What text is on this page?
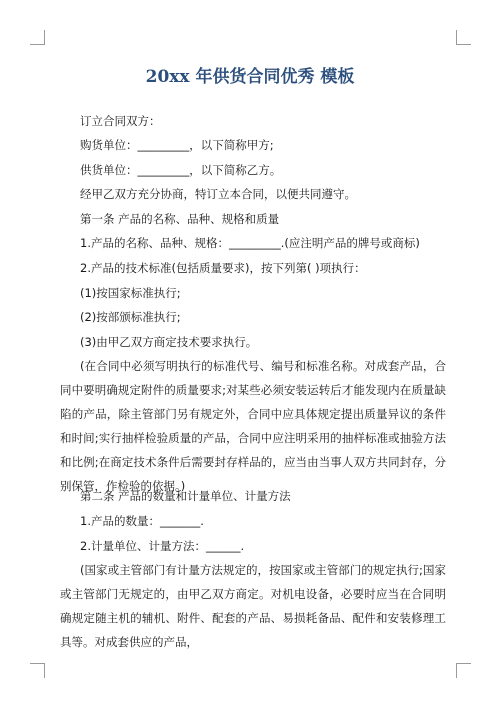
20xx 年供货合同优秀 模板
订立合同双方：
购货单位：_________，以下简称甲方;
供货单位：_________，以下简称乙方。
经甲乙双方充分协商，特订立本合同，以便共同遵守。
第一条 产品的名称、品种、规格和质量
1.产品的名称、品种、规格：_________.(应注明产品的牌号或商标)
2.产品的技术标准(包括质量要求)，按下列第( )项执行：
(1)按国家标准执行;
(2)按部颁标准执行;
(3)由甲乙双方商定技术要求执行。
(在合同中必须写明执行的标准代号、编号和标准名称。对成套产品，合同中要明确规定附件的质量要求;对某些必须安装运转后才能发现内在质量缺陷的产品，除主管部门另有规定外，合同中应具体规定提出质量异议的条件和时间;实行抽样检验质量的产品，合同中应注明采用的抽样标准或抽验方法和比例;在商定技术条件后需要封存样品的，应当由当事人双方共同封存，分别保管，作检验的依据。)
第二条 产品的数量和计量单位、计量方法
1.产品的数量：_______.
2.计量单位、计量方法：______.
(国家或主管部门有计量方法规定的，按国家或主管部门的规定执行;国家或主管部门无规定的，由甲乙双方商定。对机电设备，必要时应当在合同明确规定随主机的辅机、附件、配套的产品、易损耗备品、配件和安装修理工具等。对成套供应的产品，
